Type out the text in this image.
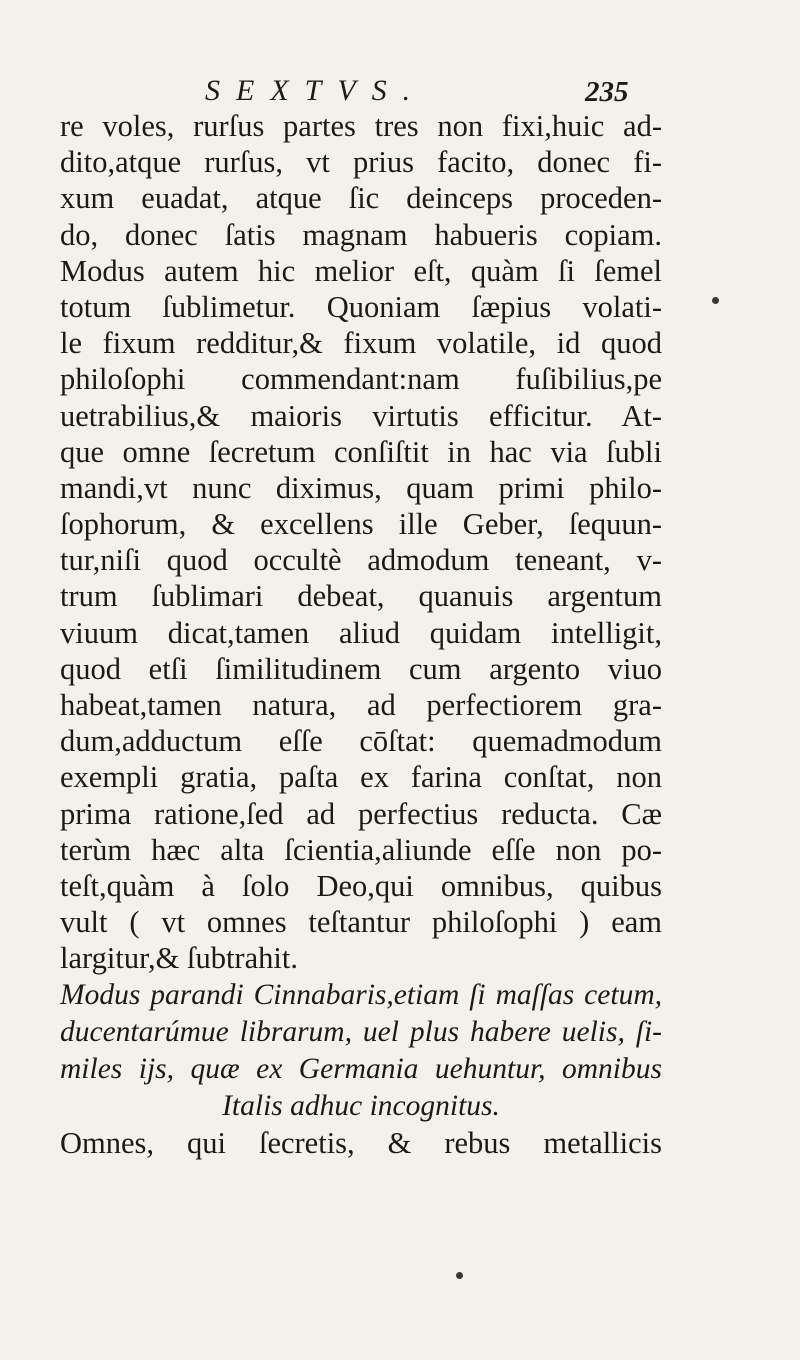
SEXTVS.	235
re voles, rurſus partes tres non fixi,huic ad-
dito,atque rurſus, vt prius facito, donec fi-
xum euadat, atque ſic deinceps proceden-
do, donec ſatis magnam habueris copiam.
Modus autem hic melior eſt, quàm ſi ſemel
totum ſublimetur. Quoniam ſæpius volati-
le fixum redditur,& fixum volatile, id quod
philoſophi commendant:nam fuſibilius,pe
uetrabilius,& maioris virtutis efficitur. At-
que omne ſecretum conſiſtit in hac via ſubli
mandi,vt nunc diximus, quam primi philo-
ſophorum, & excellens ille Geber, ſequun-
tur,niſi quod occultè admodum teneant, v-
trum ſublimari debeat, quanuis argentum
viuum dicat,tamen aliud quidam intelligit,
quod etſi ſimilitudinem cum argento viuo
habeat,tamen natura, ad perfectiorem gra-
dum,adductum eſſe cōſtat: quemadmodum
exempli gratia, paſta ex farina conſtat, non
prima ratione,ſed ad perfectius reducta. Cæ
terùm hæc alta ſcientia,aliunde eſſe non po-
teſt,quàm à ſolo Deo,qui omnibus, quibus
vult ( vt omnes teſtantur philoſophi ) eam
largitur,& ſubtrahit.
Modus parandi Cinnabaris,etiam ſi maſſas cetum,
ducentarúmue librarum, uel plus habere uelis, ſi-
miles ijs, quæ ex Germania uehuntur, omnibus
Italis adhuc incognitus.
Omnes, qui ſecretis, & rebus metallicis
